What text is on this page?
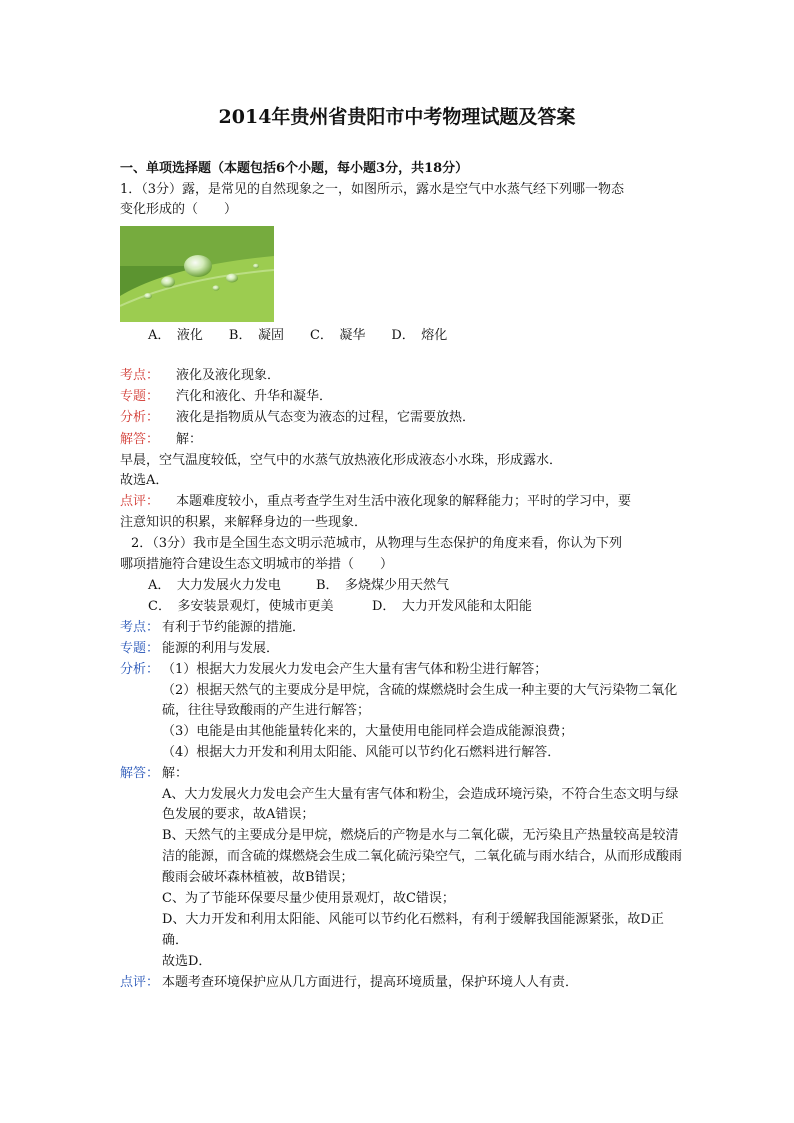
2014年贵州省贵阳市中考物理试题及答案
一、单项选择题（本题包括6个小题，每小题3分，共18分）
1．（3分）露，是常见的自然现象之一，如图所示，露水是空气中水蒸气经下列哪一物态
变化形成的（　　）
A．　液化　　B．　凝固　　C．　凝华　　D．　熔化
考点： 液化及液化现象．
专题： 汽化和液化、升华和凝华．
分析： 液化是指物质从气态变为液态的过程，它需要放热．
解答： 解：
早晨，空气温度较低，空气中的水蒸气放热液化形成液态小水珠，形成露水．
故选A．
点评： 本题难度较小，重点考查学生对生活中液化现象的解释能力；平时的学习中，要
注意知识的积累，来解释身边的一些现象．
2．（3分）我市是全国生态文明示范城市，从物理与生态保护的角度来看，你认为下列
哪项措施符合建设生态文明城市的举措（　　）
A．　大力发展火力发电	B．　多烧煤少用天然气
C．　多安装景观灯，使城市更美	D．　大力开发风能和太阳能
考点： 有利于节约能源的措施．
专题： 能源的利用与发展．
分析： （1）根据大力发展火力发电会产生大量有害气体和粉尘进行解答；
（2）根据天然气的主要成分是甲烷，含硫的煤燃烧时会生成一种主要的大气污染物二氧化
硫，往往导致酸雨的产生进行解答；
（3）电能是由其他能量转化来的，大量使用电能同样会造成能源浪费；
（4）根据大力开发和利用太阳能、风能可以节约化石燃料进行解答．
解答： 解：
A、大力发展火力发电会产生大量有害气体和粉尘，会造成环境污染，不符合生态文明与绿
色发展的要求，故A错误；
B、天然气的主要成分是甲烷，燃烧后的产物是水与二氧化碳，无污染且产热量较高是较清
洁的能源，而含硫的煤燃烧会生成二氧化硫污染空气，二氧化硫与雨水结合，从而形成酸雨
酸雨会破坏森林植被，故B错误；
C、为了节能环保要尽量少使用景观灯，故C错误；
D、大力开发和利用太阳能、风能可以节约化石燃料，有利于缓解我国能源紧张，故D正
确．
故选D．
点评： 本题考查环境保护应从几方面进行，提高环境质量，保护环境人人有责．
